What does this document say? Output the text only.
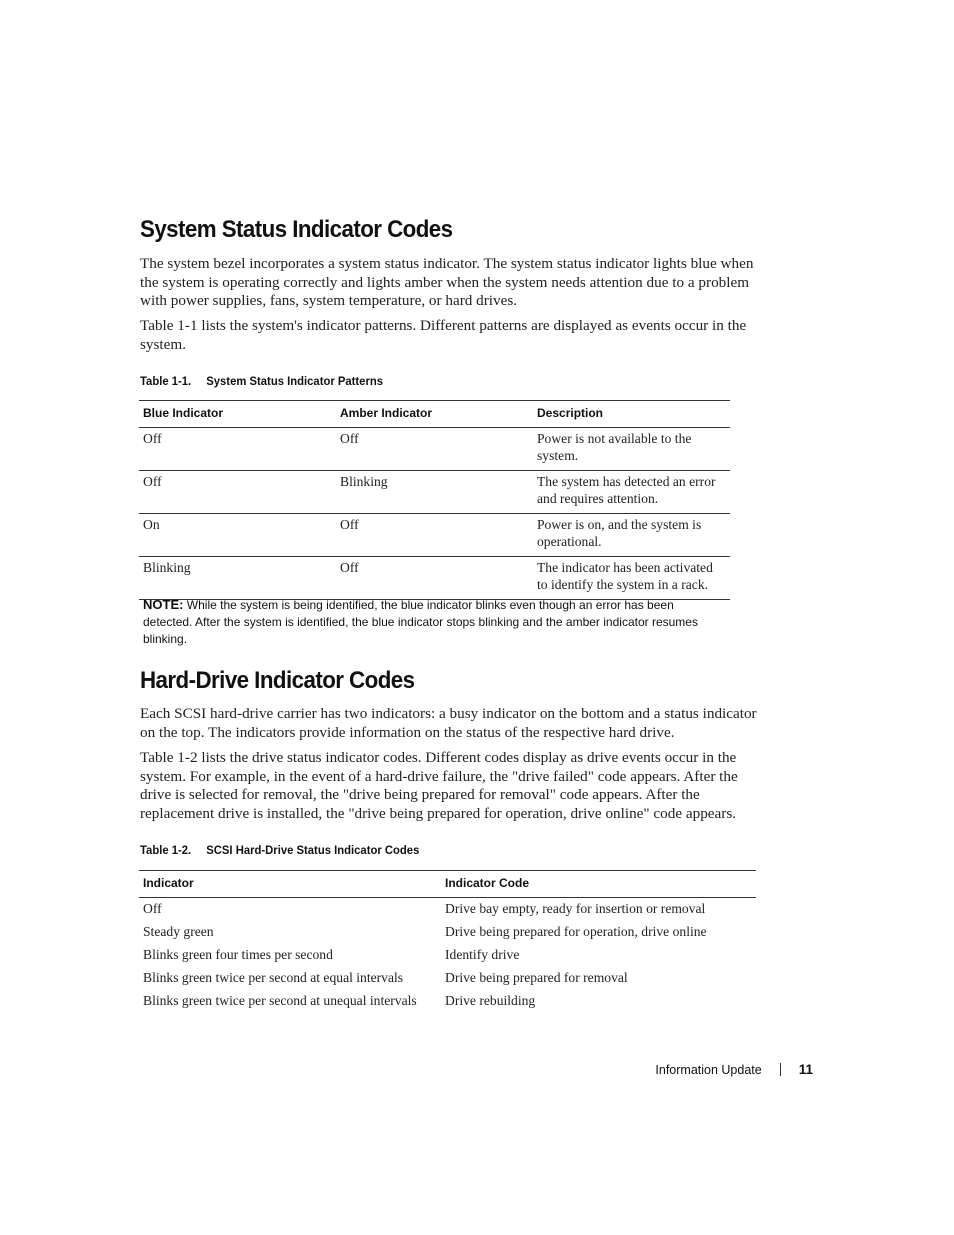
System Status Indicator Codes

The system bezel incorporates a system status indicator. The system status indicator lights blue when the system is operating correctly and lights amber when the system needs attention due to a problem with power supplies, fans, system temperature, or hard drives.

Table 1-1 lists the system's indicator patterns. Different patterns are displayed as events occur in the system.

Table 1-1. System Status Indicator Patterns
Blue Indicator	Amber Indicator	Description
Off	Off	Power is not available to the system.
Off	Blinking	The system has detected an error and requires attention.
On	Off	Power is on, and the system is operational.
Blinking	Off	The indicator has been activated to identify the system in a rack.

NOTE: While the system is being identified, the blue indicator blinks even though an error has been detected. After the system is identified, the blue indicator stops blinking and the amber indicator resumes blinking.

Hard-Drive Indicator Codes

Each SCSI hard-drive carrier has two indicators: a busy indicator on the bottom and a status indicator on the top. The indicators provide information on the status of the respective hard drive.

Table 1-2 lists the drive status indicator codes. Different codes display as drive events occur in the system. For example, in the event of a hard-drive failure, the "drive failed" code appears. After the drive is selected for removal, the "drive being prepared for removal" code appears. After the replacement drive is installed, the "drive being prepared for operation, drive online" code appears.

Table 1-2. SCSI Hard-Drive Status Indicator Codes
Indicator	Indicator Code
Off	Drive bay empty, ready for insertion or removal
Steady green	Drive being prepared for operation, drive online
Blinks green four times per second	Identify drive
Blinks green twice per second at equal intervals	Drive being prepared for removal
Blinks green twice per second at unequal intervals	Drive rebuilding
Information Update	11
